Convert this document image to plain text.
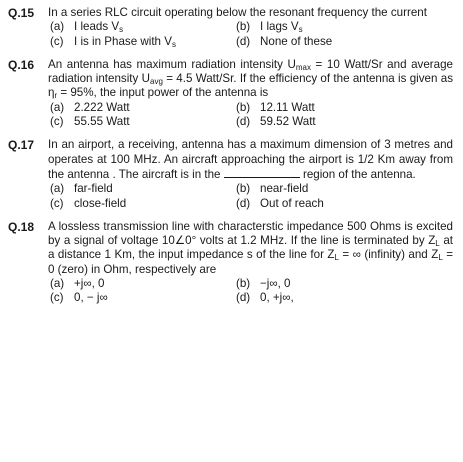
Q.15	In a series RLC circuit operating below the resonant frequency the current
(a) I leads $V_s$	(b) I lags $V_s$
(c) I is in Phase with $V_s$	(d) None of these
Q.16	An antenna has maximum radiation intensity $U_{max} = 10$ Watt/Sr and average radiation intensity $U_{avg} = 4.5$ Watt/Sr. If the efficiency of the antenna is given as $\eta_r = 95\%$, the input power of the antenna is
(a) 2.222 Watt	(b) 12.11 Watt
(c) 55.55 Watt	(d) 59.52 Watt
Q.17	In an airport, a receiving, antenna has a maximum dimension of 3 metres and operates at 100 MHz. An aircraft approaching the airport is 1/2 Km away from the antenna . The aircraft is in the	region of the antenna.
(a) far-field	(b) near-field
(c) close-field	(d) Out of reach
Q.18	A lossless transmission line with characterstic impedance 500 Ohms is excited by a signal of voltage 10∠0° volts at 1.2 MHz. If the line is terminated by $Z_L$ at a distance 1 Km, the input impedance s of the line for $Z_L$ = ∞ (infinity) and $Z_L = 0$ (zero) in Ohm, respectively are
(a) +j∞, 0	(b) −j∞, 0
(c) 0, − j∞	(d) 0, +j∞,
